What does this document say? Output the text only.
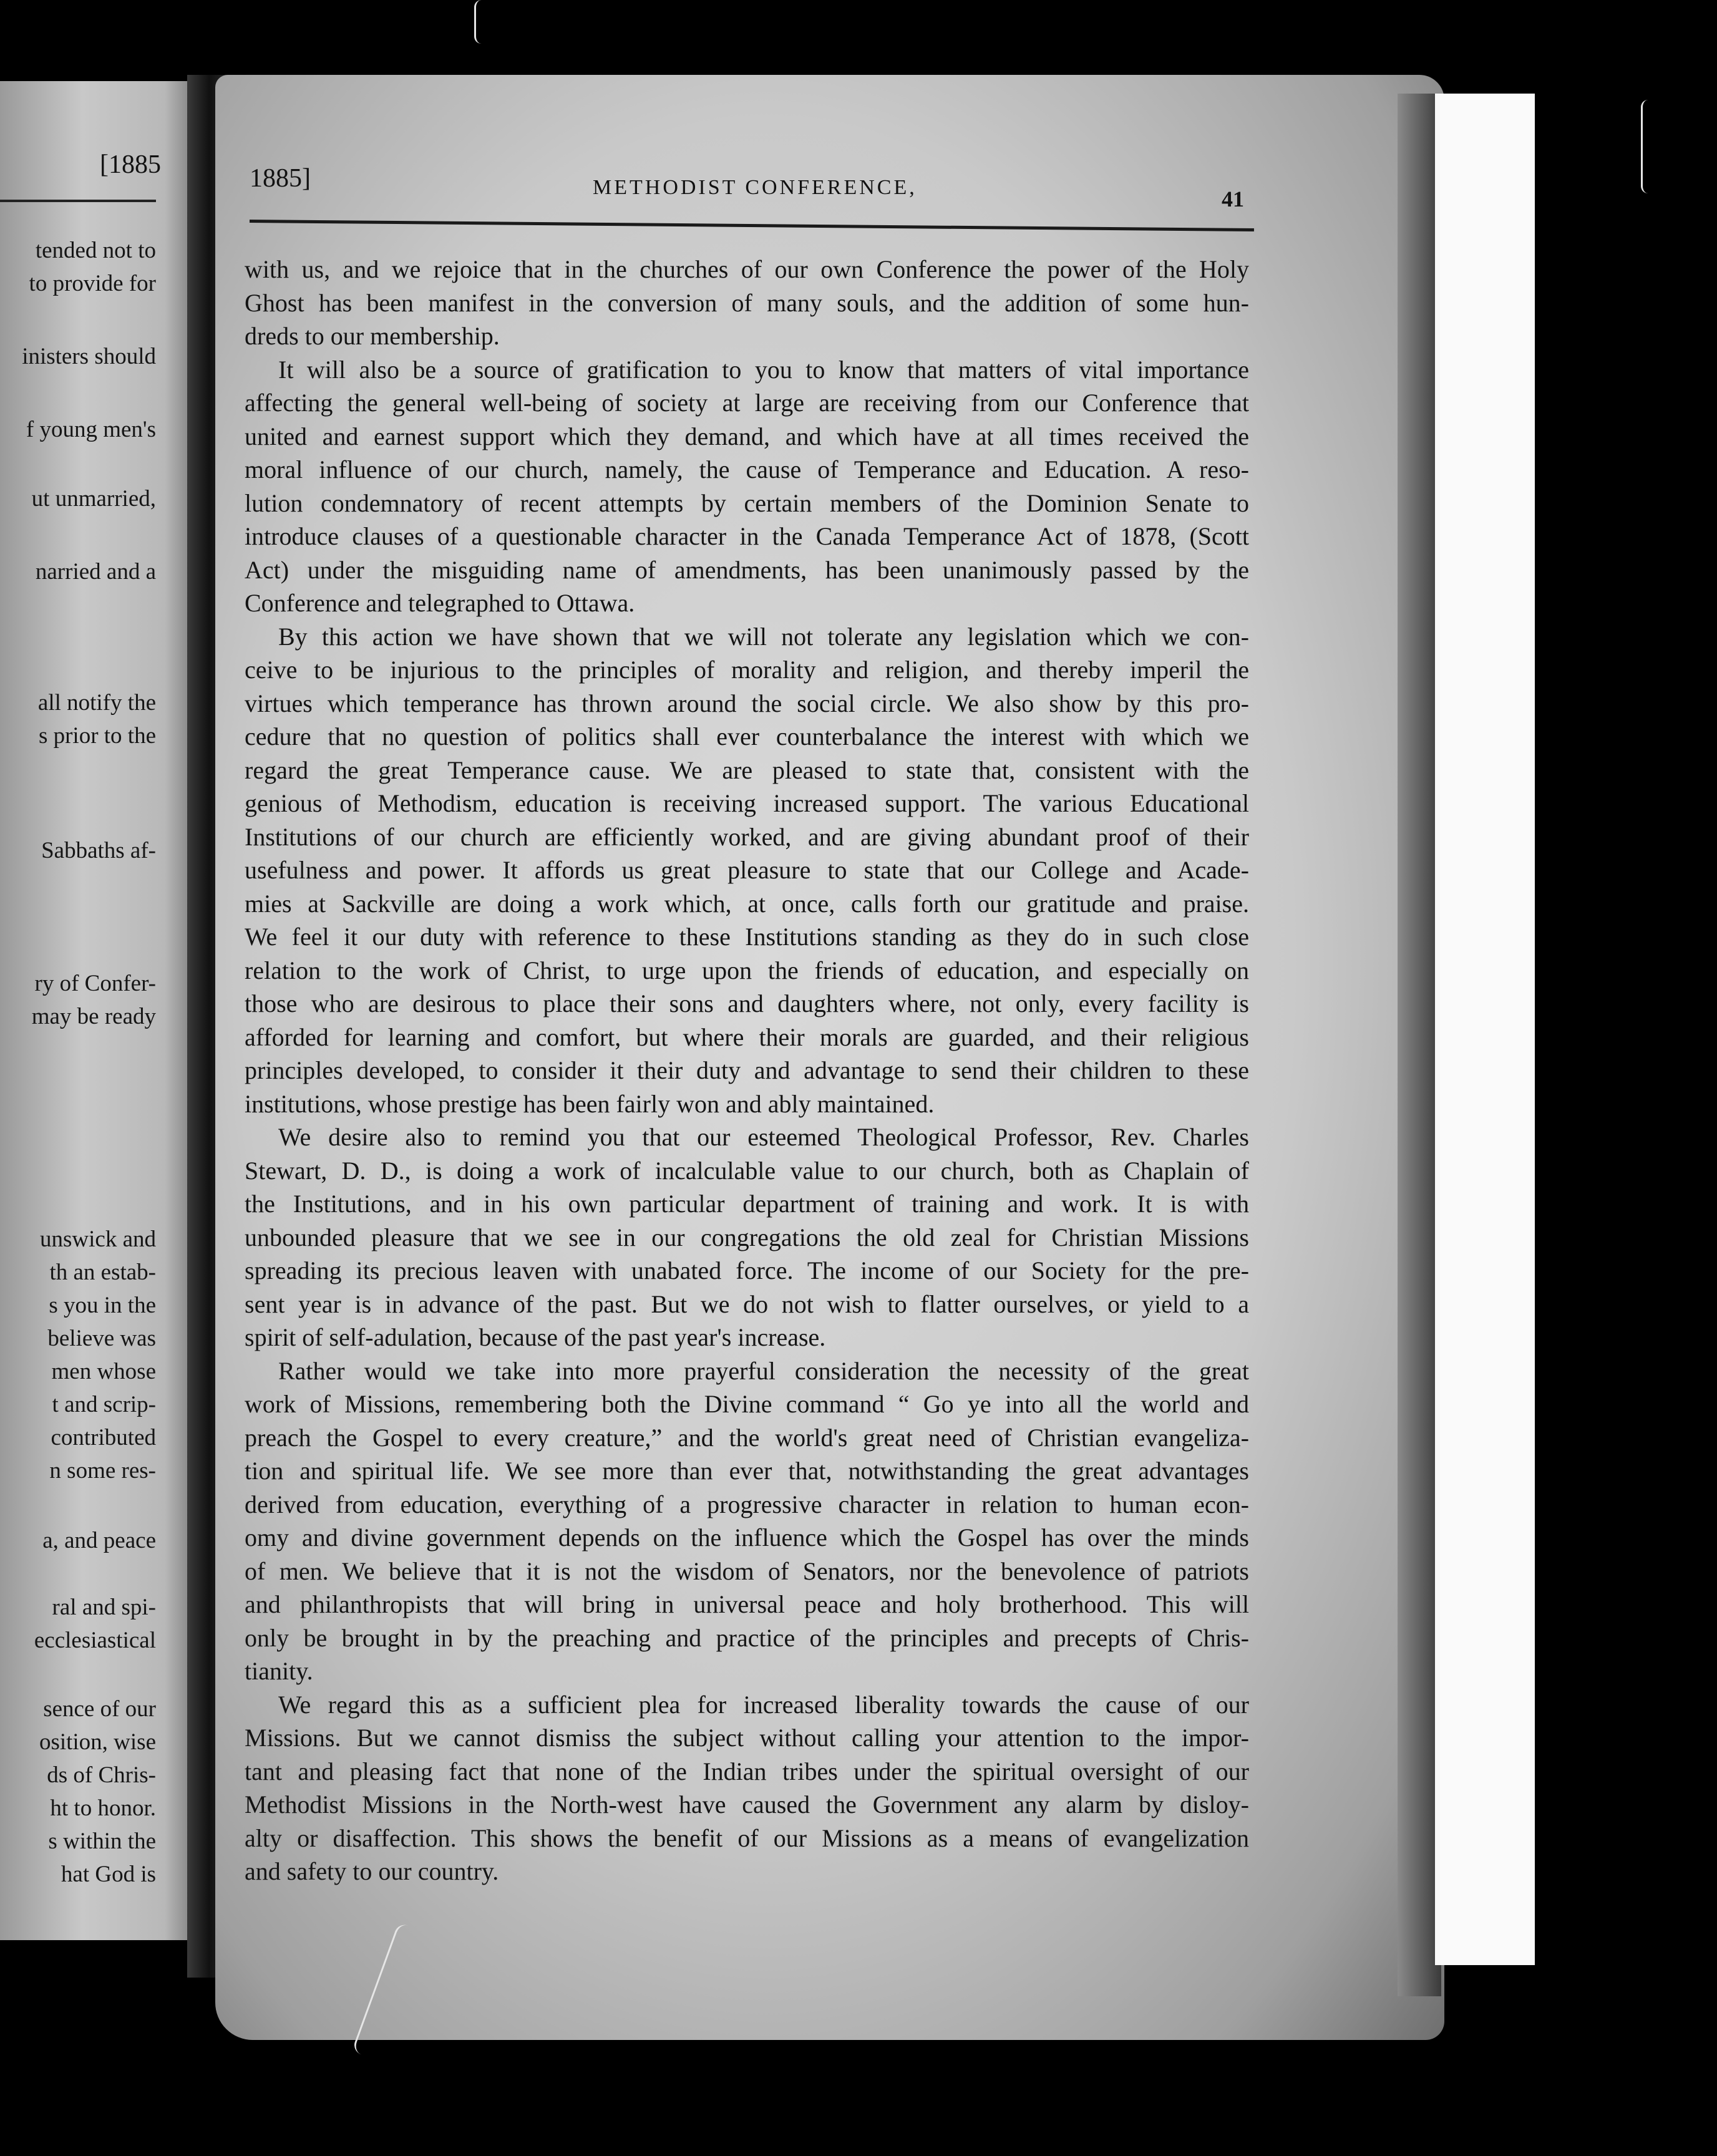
[1885
tended not to
to provide for
inisters should
f young men's
ut unmarried,
narried and a
all notify the
s prior to the
Sabbaths af-
ry of Confer-
may be ready
unswick and
th an estab-
s you in the
believe was
men whose
t and scrip-
contributed
n some res-
a, and peace
ral and spi-
ecclesiastical
sence of our
osition, wise
ds of Chris-
ht to honor.
s within the
hat God is
1885]	METHODIST CONFERENCE,	41
with us, and we rejoice that in the churches of our own Conference the power of the Holy
Ghost has been manifest in the conversion of many souls, and the addition of some hun-
dreds to our membership.
It will also be a source of gratification to you to know that matters of vital importance
affecting the general well-being of society at large are receiving from our Conference that
united and earnest support which they demand, and which have at all times received the
moral influence of our church, namely, the cause of Temperance and Education. A reso-
lution condemnatory of recent attempts by certain members of the Dominion Senate to
introduce clauses of a questionable character in the Canada Temperance Act of 1878, (Scott
Act) under the misguiding name of amendments, has been unanimously passed by the
Conference and telegraphed to Ottawa.
By this action we have shown that we will not tolerate any legislation which we con-
ceive to be injurious to the principles of morality and religion, and thereby imperil the
virtues which temperance has thrown around the social circle. We also show by this pro-
cedure that no question of politics shall ever counterbalance the interest with which we
regard the great Temperance cause. We are pleased to state that, consistent with the
genious of Methodism, education is receiving increased support. The various Educational
Institutions of our church are efficiently worked, and are giving abundant proof of their
usefulness and power. It affords us great pleasure to state that our College and Acade-
mies at Sackville are doing a work which, at once, calls forth our gratitude and praise.
We feel it our duty with reference to these Institutions standing as they do in such close
relation to the work of Christ, to urge upon the friends of education, and especially on
those who are desirous to place their sons and daughters where, not only, every facility is
afforded for learning and comfort, but where their morals are guarded, and their religious
principles developed, to consider it their duty and advantage to send their children to these
institutions, whose prestige has been fairly won and ably maintained.
We desire also to remind you that our esteemed Theological Professor, Rev. Charles
Stewart, D. D., is doing a work of incalculable value to our church, both as Chaplain of
the Institutions, and in his own particular department of training and work. It is with
unbounded pleasure that we see in our congregations the old zeal for Christian Missions
spreading its precious leaven with unabated force. The income of our Society for the pre-
sent year is in advance of the past. But we do not wish to flatter ourselves, or yield to a
spirit of self-adulation, because of the past year's increase.
Rather would we take into more prayerful consideration the necessity of the great
work of Missions, remembering both the Divine command “ Go ye into all the world and
preach the Gospel to every creature,” and the world's great need of Christian evangeliza-
tion and spiritual life. We see more than ever that, notwithstanding the great advantages
derived from education, everything of a progressive character in relation to human econ-
omy and divine government depends on the influence which the Gospel has over the minds
of men. We believe that it is not the wisdom of Senators, nor the benevolence of patriots
and philanthropists that will bring in universal peace and holy brotherhood. This will
only be brought in by the preaching and practice of the principles and precepts of Chris-
tianity.
We regard this as a sufficient plea for increased liberality towards the cause of our
Missions. But we cannot dismiss the subject without calling your attention to the impor-
tant and pleasing fact that none of the Indian tribes under the spiritual oversight of our
Methodist Missions in the North-west have caused the Government any alarm by disloy-
alty or disaffection. This shows the benefit of our Missions as a means of evangelization
and safety to our country.
